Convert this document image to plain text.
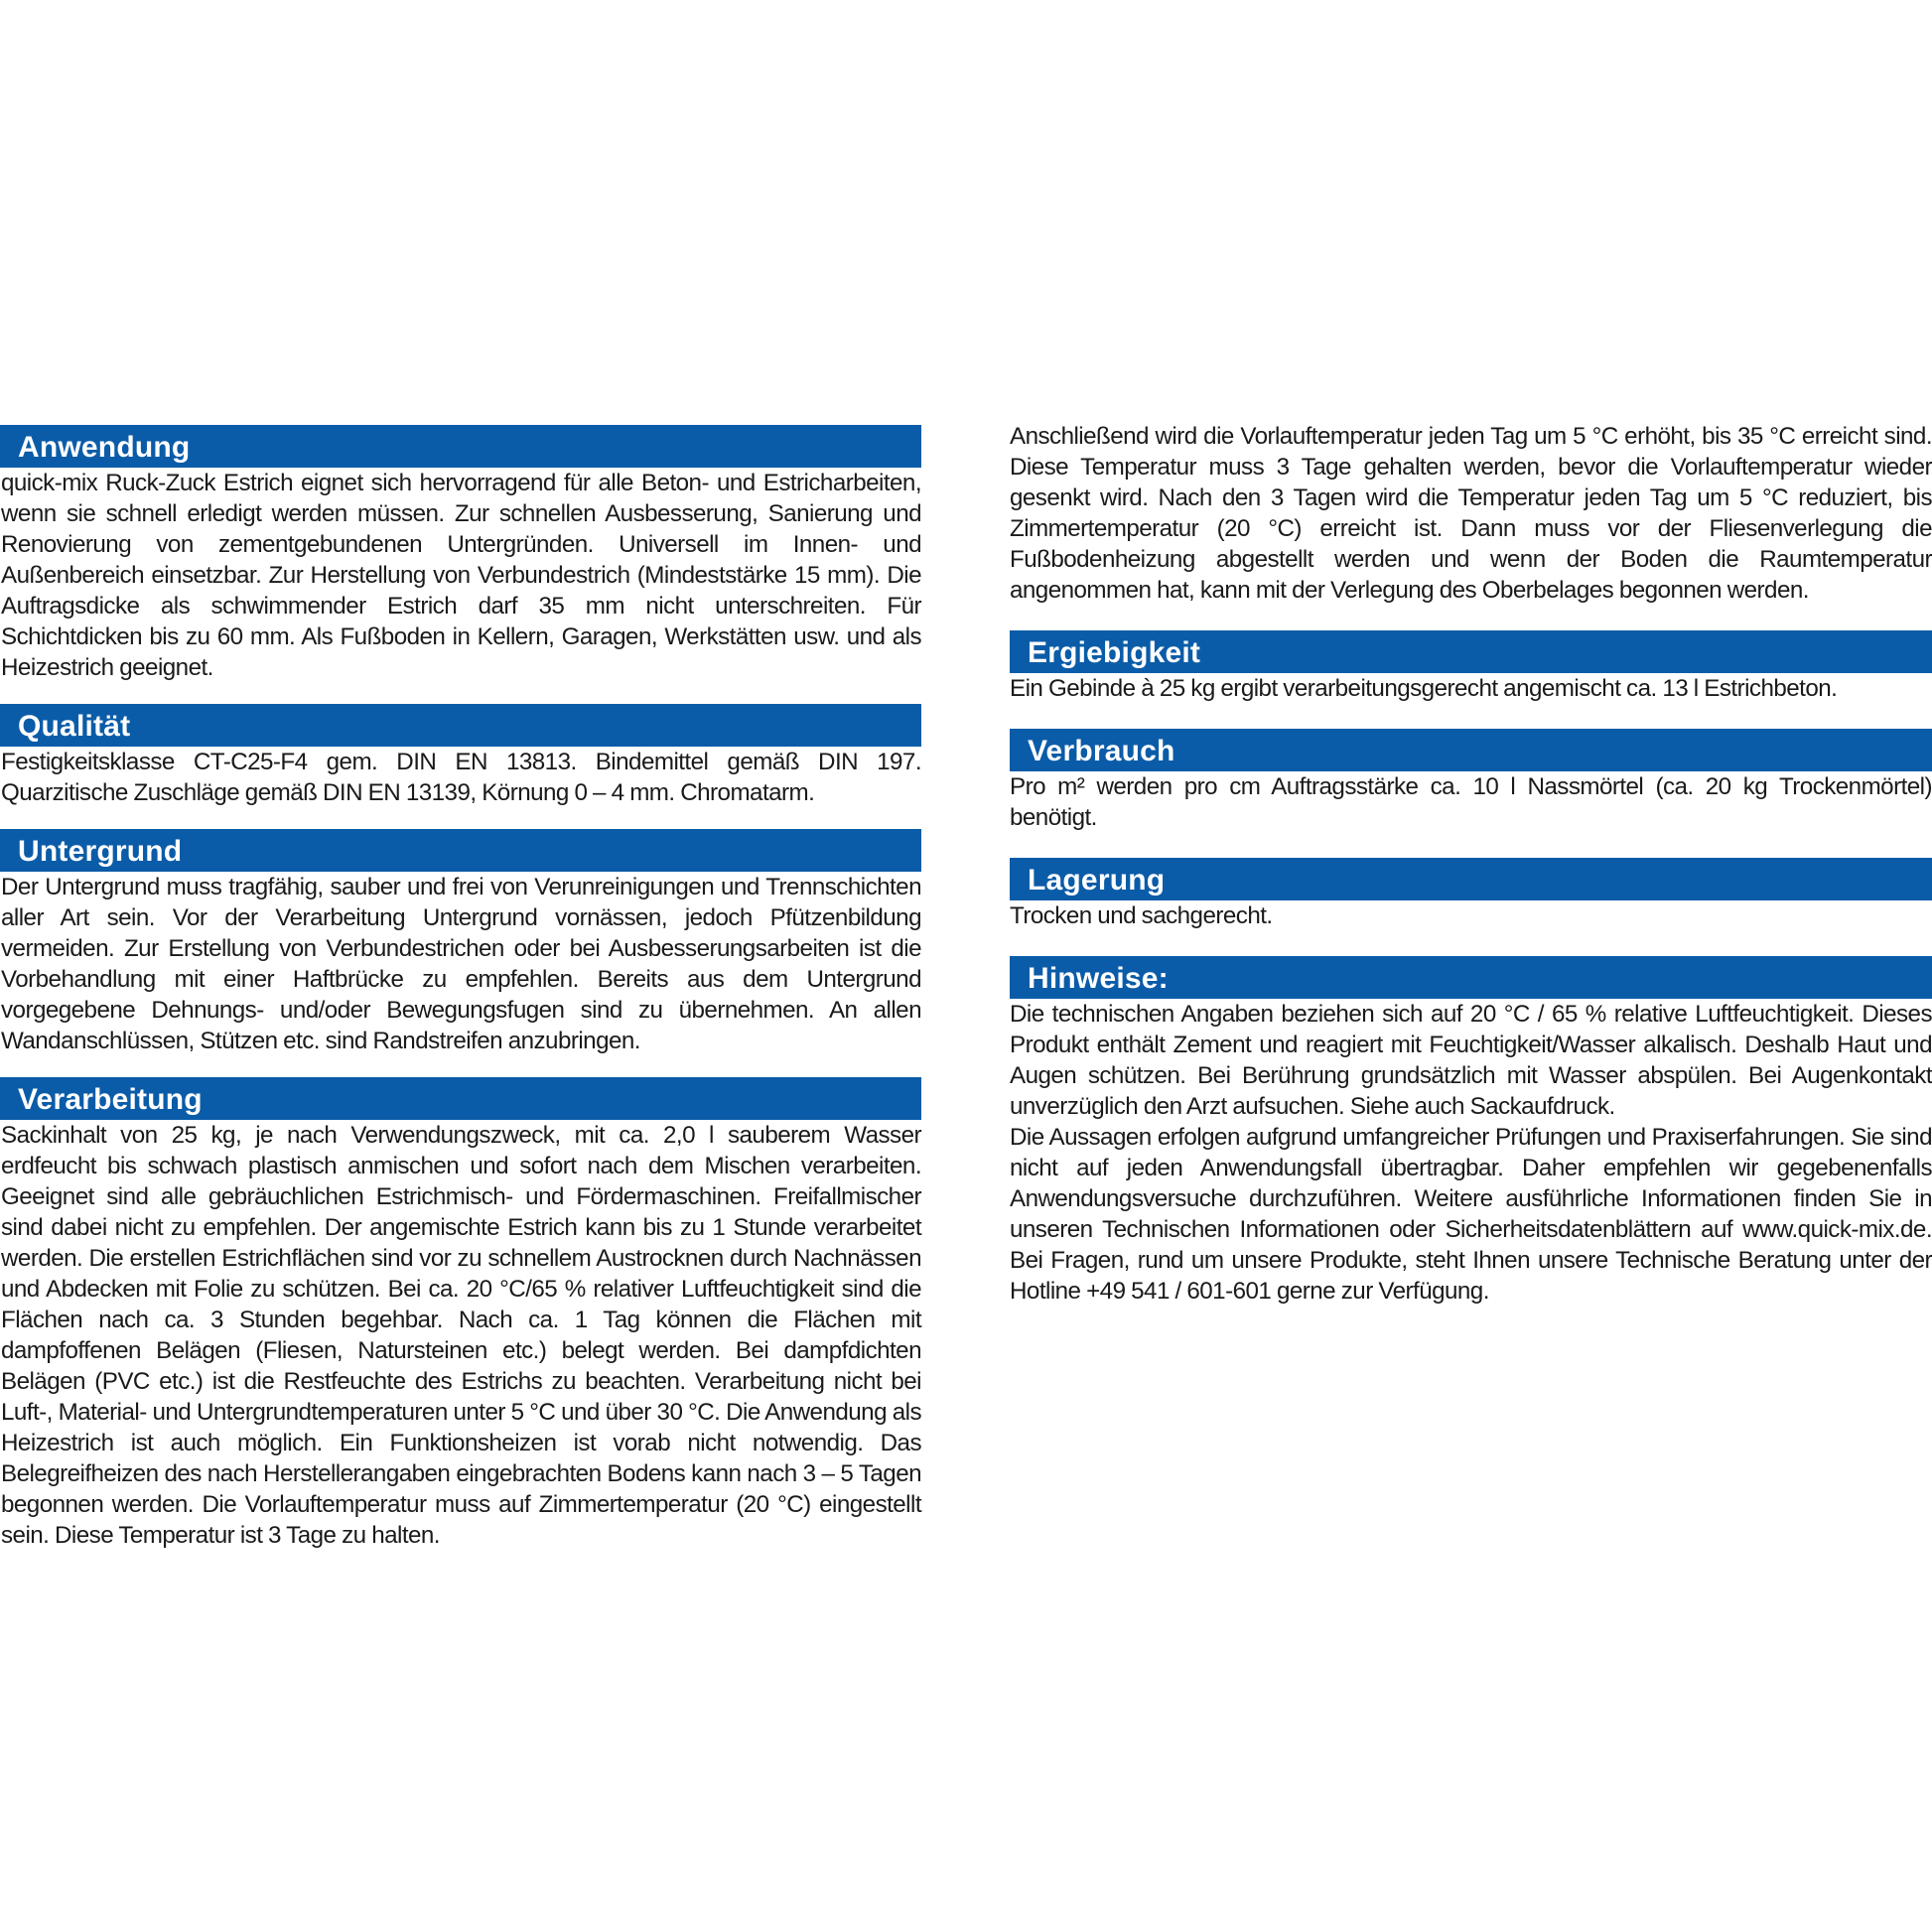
Anwendung

quick-mix Ruck-Zuck Estrich eignet sich hervorragend für alle Beton- und Estricharbeiten, wenn sie schnell erledigt werden müssen. Zur schnellen Ausbesserung, Sanierung und Renovierung von zementgebundenen Untergründen. Universell im Innen- und Außenbereich einsetzbar. Zur Herstellung von Verbundestrich (Mindeststärke 15 mm). Die Auftragsdicke als schwimmender Estrich darf 35 mm nicht unterschreiten. Für Schichtdicken bis zu 60 mm. Als Fußboden in Kellern, Garagen, Werkstätten usw. und als Heizestrich geeignet.

Qualität

Festigkeitsklasse CT-C25-F4 gem. DIN EN 13813. Bindemittel gemäß DIN 197. Quarzitische Zuschläge gemäß DIN EN 13139, Körnung 0 – 4 mm. Chromatarm.

Untergrund

Der Untergrund muss tragfähig, sauber und frei von Verunreinigungen und Trennschichten aller Art sein. Vor der Verarbeitung Untergrund vornässen, jedoch Pfützenbildung vermeiden. Zur Erstellung von Verbundestrichen oder bei Ausbesserungsarbeiten ist die Vorbehandlung mit einer Haftbrücke zu empfehlen. Bereits aus dem Untergrund vorgegebene Dehnungs- und/oder Bewegungsfugen sind zu übernehmen. An allen Wandanschlüssen, Stützen etc. sind Randstreifen anzubringen.

Verarbeitung

Sackinhalt von 25 kg, je nach Verwendungszweck, mit ca. 2,0 l sauberem Wasser erdfeucht bis schwach plastisch anmischen und sofort nach dem Mischen verarbeiten. Geeignet sind alle gebräuchlichen Estrichmisch- und Fördermaschinen. Freifallmischer sind dabei nicht zu empfehlen. Der angemischte Estrich kann bis zu 1 Stunde verarbeitet werden. Die erstellen Estrichflächen sind vor zu schnellem Austrocknen durch Nachnässen und Abdecken mit Folie zu schützen. Bei ca. 20 °C/65 % relativer Luftfeuchtigkeit sind die Flächen nach ca. 3 Stunden begehbar. Nach ca. 1 Tag können die Flächen mit dampfoffenen Belägen (Fliesen, Natursteinen etc.) belegt werden. Bei dampfdichten Belägen (PVC etc.) ist die Restfeuchte des Estrichs zu beachten. Verarbeitung nicht bei Luft-, Material- und Untergrundtemperaturen unter 5 °C und über 30 °C. Die Anwendung als Heizestrich ist auch möglich. Ein Funktionsheizen ist vorab nicht notwendig. Das Belegreifheizen des nach Herstellerangaben eingebrachten Bodens kann nach 3 – 5 Tagen begonnen werden. Die Vorlauftemperatur muss auf Zimmertemperatur (20 °C) eingestellt sein. Diese Temperatur ist 3 Tage zu halten.

Anschließend wird die Vorlauftemperatur jeden Tag um 5 °C erhöht, bis 35 °C erreicht sind. Diese Temperatur muss 3 Tage gehalten werden, bevor die Vorlauftemperatur wieder gesenkt wird. Nach den 3 Tagen wird die Temperatur jeden Tag um 5 °C reduziert, bis Zimmertemperatur (20 °C) erreicht ist. Dann muss vor der Fliesenverlegung die Fußbodenheizung abgestellt werden und wenn der Boden die Raumtemperatur angenommen hat, kann mit der Verlegung des Oberbelages begonnen werden.

Ergiebigkeit

Ein Gebinde à 25 kg ergibt verarbeitungsgerecht angemischt ca. 13 l Estrichbeton.

Verbrauch

Pro m² werden pro cm Auftragsstärke ca. 10 l Nassmörtel (ca. 20 kg Trockenmörtel) benötigt.

Lagerung

Trocken und sachgerecht.

Hinweise:

Die technischen Angaben beziehen sich auf 20 °C / 65 % relative Luftfeuchtigkeit. Dieses Produkt enthält Zement und reagiert mit Feuchtigkeit/Wasser alkalisch. Deshalb Haut und Augen schützen. Bei Berührung grundsätzlich mit Wasser abspülen. Bei Augenkontakt unverzüglich den Arzt aufsuchen. Siehe auch Sackaufdruck.

Die Aussagen erfolgen aufgrund umfangreicher Prüfungen und Praxiserfahrungen. Sie sind nicht auf jeden Anwendungsfall übertragbar. Daher empfehlen wir gegebenenfalls Anwendungsversuche durchzuführen. Weitere ausführliche Informationen finden Sie in unseren Technischen Informationen oder Sicherheitsdatenblättern auf www.quick-mix.de. Bei Fragen, rund um unsere Produkte, steht Ihnen unsere Technische Beratung unter der Hotline +49 541 / 601-601 gerne zur Verfügung.
